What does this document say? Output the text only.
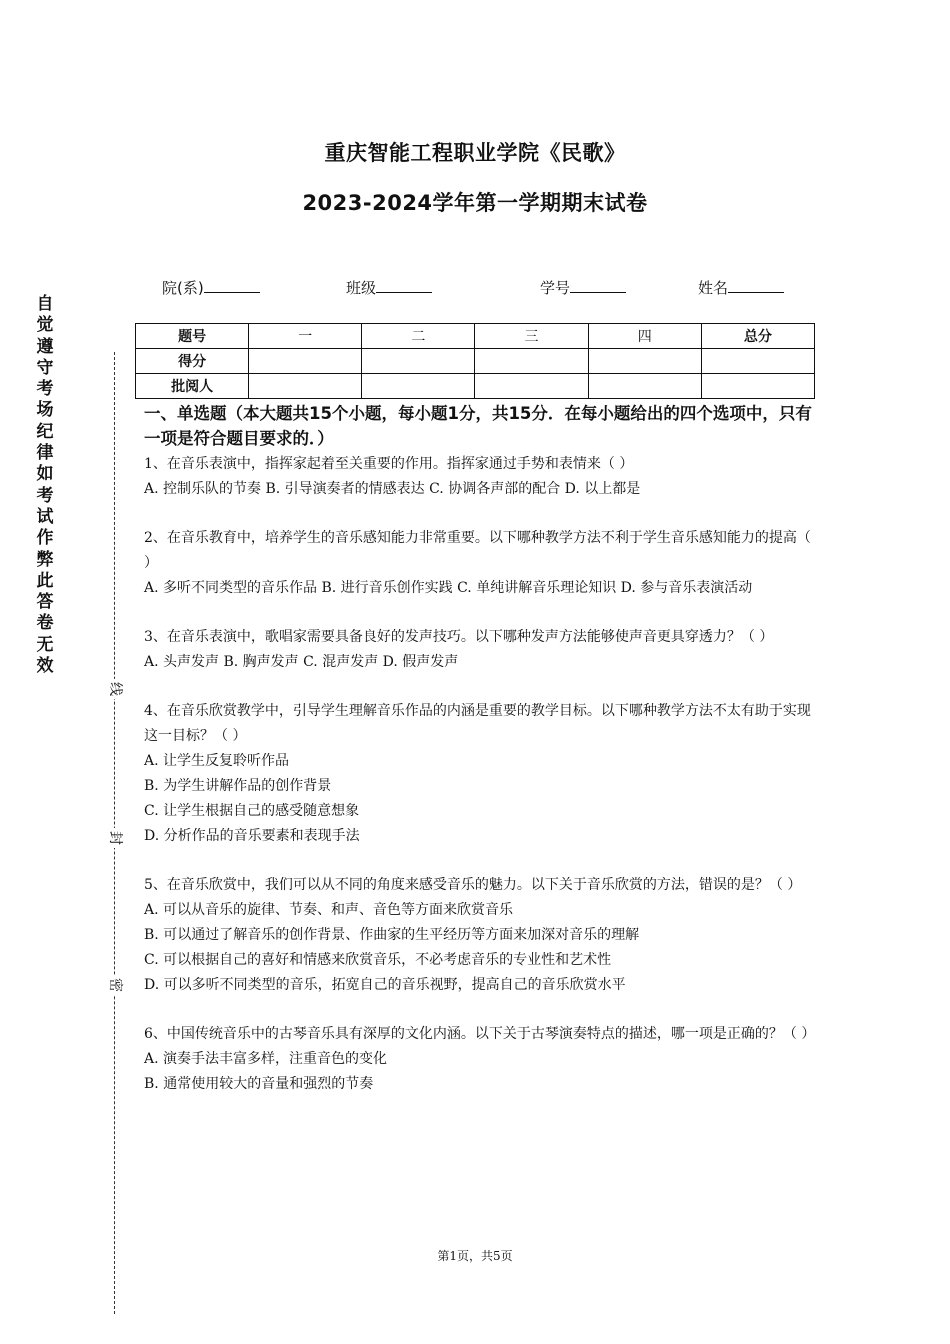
重庆智能工程职业学院《民歌》
2023-2024学年第一学期期末试卷
自觉遵守考场纪律如考试作弊此答卷无效
线
封
密
院(系)	班级	学号	姓名
题号	一	二	三	四	总分
得分					
批阅人					

一、单选题（本大题共15个小题，每小题1分，共15分．在每小题给出的四个选项中，只有一项是符合题目要求的．）

1、在音乐表演中，指挥家起着至关重要的作用。指挥家通过手势和表情来（ ）

A. 控制乐队的节奏 B. 引导演奏者的情感表达 C. 协调各声部的配合 D. 以上都是

2、在音乐教育中，培养学生的音乐感知能力非常重要。以下哪种教学方法不利于学生音乐感知能力的提高（ ）

A. 多听不同类型的音乐作品 B. 进行音乐创作实践 C. 单纯讲解音乐理论知识 D. 参与音乐表演活动

3、在音乐表演中，歌唱家需要具备良好的发声技巧。以下哪种发声方法能够使声音更具穿透力？（ ）

A. 头声发声 B. 胸声发声 C. 混声发声 D. 假声发声

4、在音乐欣赏教学中，引导学生理解音乐作品的内涵是重要的教学目标。以下哪种教学方法不太有助于实现这一目标？（ ）

A. 让学生反复聆听作品

B. 为学生讲解作品的创作背景

C. 让学生根据自己的感受随意想象

D. 分析作品的音乐要素和表现手法

5、在音乐欣赏中，我们可以从不同的角度来感受音乐的魅力。以下关于音乐欣赏的方法，错误的是？（ ）

A. 可以从音乐的旋律、节奏、和声、音色等方面来欣赏音乐

B. 可以通过了解音乐的创作背景、作曲家的生平经历等方面来加深对音乐的理解

C. 可以根据自己的喜好和情感来欣赏音乐，不必考虑音乐的专业性和艺术性

D. 可以多听不同类型的音乐，拓宽自己的音乐视野，提高自己的音乐欣赏水平

6、中国传统音乐中的古琴音乐具有深厚的文化内涵。以下关于古琴演奏特点的描述，哪一项是正确的？（ ）

A. 演奏手法丰富多样，注重音色的变化

B. 通常使用较大的音量和强烈的节奏

第1页，共5页
